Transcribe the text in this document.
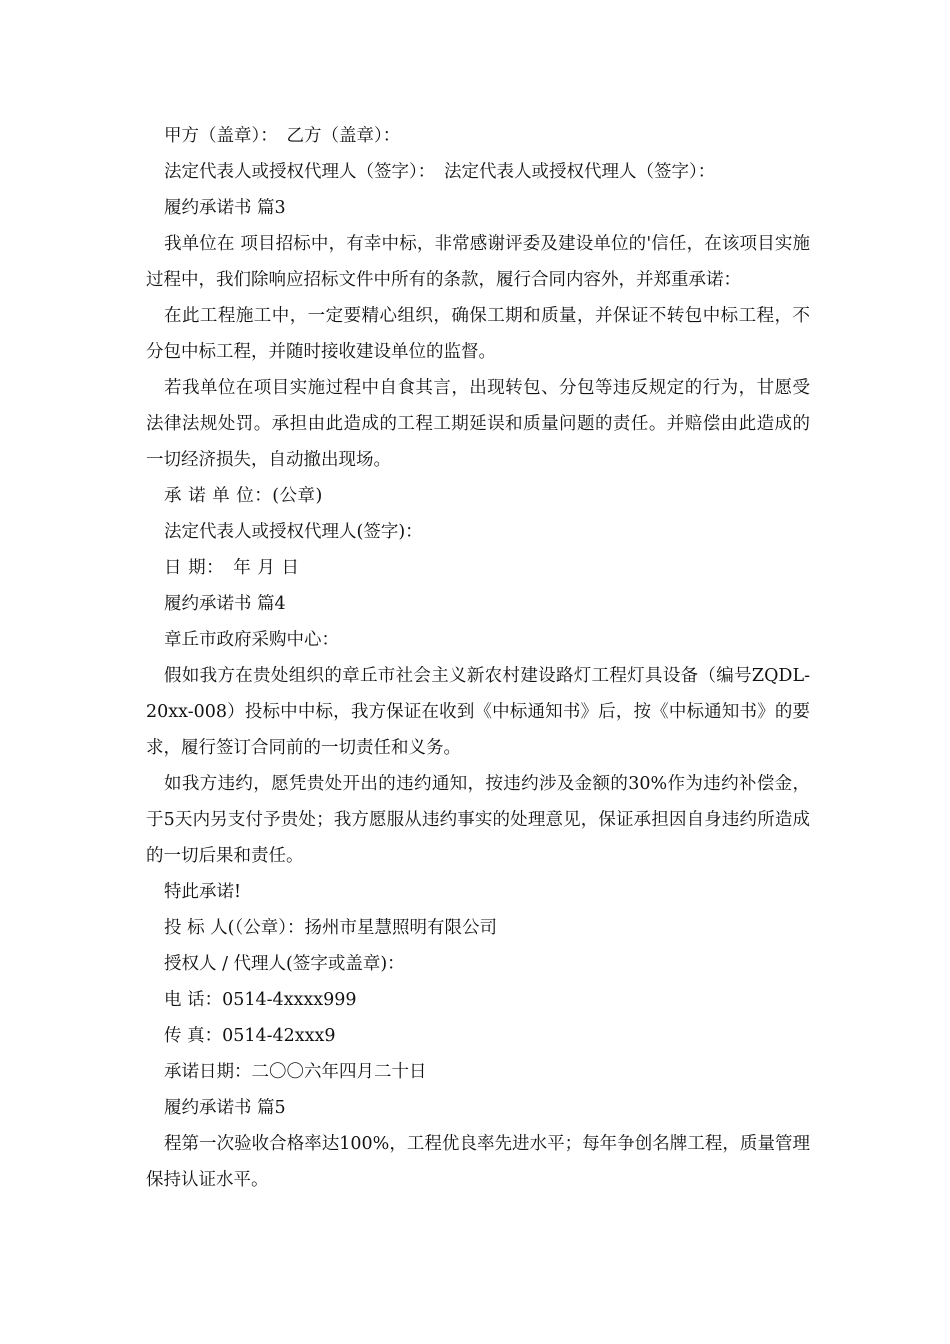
甲方（盖章）：　乙方（盖章）：
法定代表人或授权代理人（签字）：　法定代表人或授权代理人（签字）：
履约承诺书 篇3
我单位在 项目招标中，有幸中标，非常感谢评委及建设单位的'信任，在该项目实施过程中，我们除响应招标文件中所有的条款，履行合同内容外，并郑重承诺：
在此工程施工中，一定要精心组织，确保工期和质量，并保证不转包中标工程，不分包中标工程，并随时接收建设单位的监督。
若我单位在项目实施过程中自食其言，出现转包、分包等违反规定的行为，甘愿受法律法规处罚。承担由此造成的工程工期延误和质量问题的责任。并赔偿由此造成的一切经济损失，自动撤出现场。
承 诺 单 位：(公章)
法定代表人或授权代理人(签字)：
日 期：　年 月 日
履约承诺书 篇4
章丘市政府采购中心：
假如我方在贵处组织的章丘市社会主义新农村建设路灯工程灯具设备（编号ZQDL-20xx-008）投标中中标，我方保证在收到《中标通知书》后，按《中标通知书》的要求，履行签订合同前的一切责任和义务。
如我方违约，愿凭贵处开出的违约通知，按违约涉及金额的30%作为违约补偿金，于5天内另支付予贵处；我方愿服从违约事实的处理意见，保证承担因自身违约所造成的一切后果和责任。
特此承诺!
投 标 人(（公章）：扬州市星慧照明有限公司
授权人 / 代理人(签字或盖章)：
电 话：0514-4xxxx999
传 真：0514-42xxx9
承诺日期：二〇〇六年四月二十日
履约承诺书 篇5
程第一次验收合格率达100%，工程优良率先进水平；每年争创名牌工程，质量管理保持认证水平。
